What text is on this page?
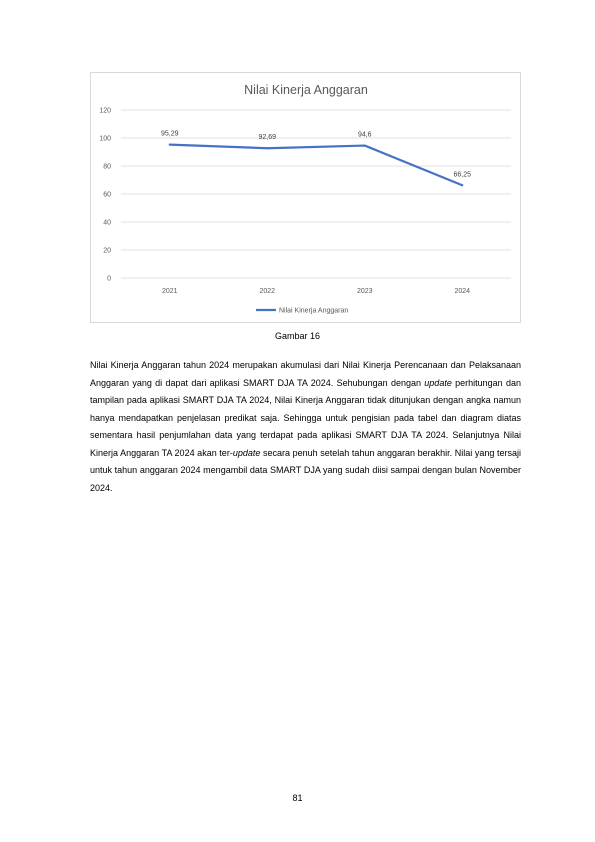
Nilai Kinerja Anggaran
0
20
40
60
80
100
120
2021	2022	2023	2024
95,29
92,69	94,6
66,25
Nilai Kinerja Anggaran
Gambar 16

Nilai Kinerja Anggaran tahun 2024 merupakan akumulasi dari Nilai Kinerja Perencanaan dan Pelaksanaan Anggaran yang di dapat dari aplikasi SMART DJA TA 2024. Sehubungan dengan update perhitungan dan tampilan pada aplikasi SMART DJA TA 2024, Nilai Kinerja Anggaran tidak ditunjukan dengan angka namun hanya mendapatkan penjelasan predikat saja. Sehingga untuk pengisian pada tabel dan diagram diatas sementara hasil penjumlahan data yang terdapat pada aplikasi SMART DJA TA 2024. Selanjutnya Nilai Kinerja Anggaran TA 2024 akan ter-update secara penuh setelah tahun anggaran berakhir. Nilai yang tersaji untuk tahun anggaran 2024 mengambil data SMART DJA yang sudah diisi sampai dengan bulan November 2024.

81
